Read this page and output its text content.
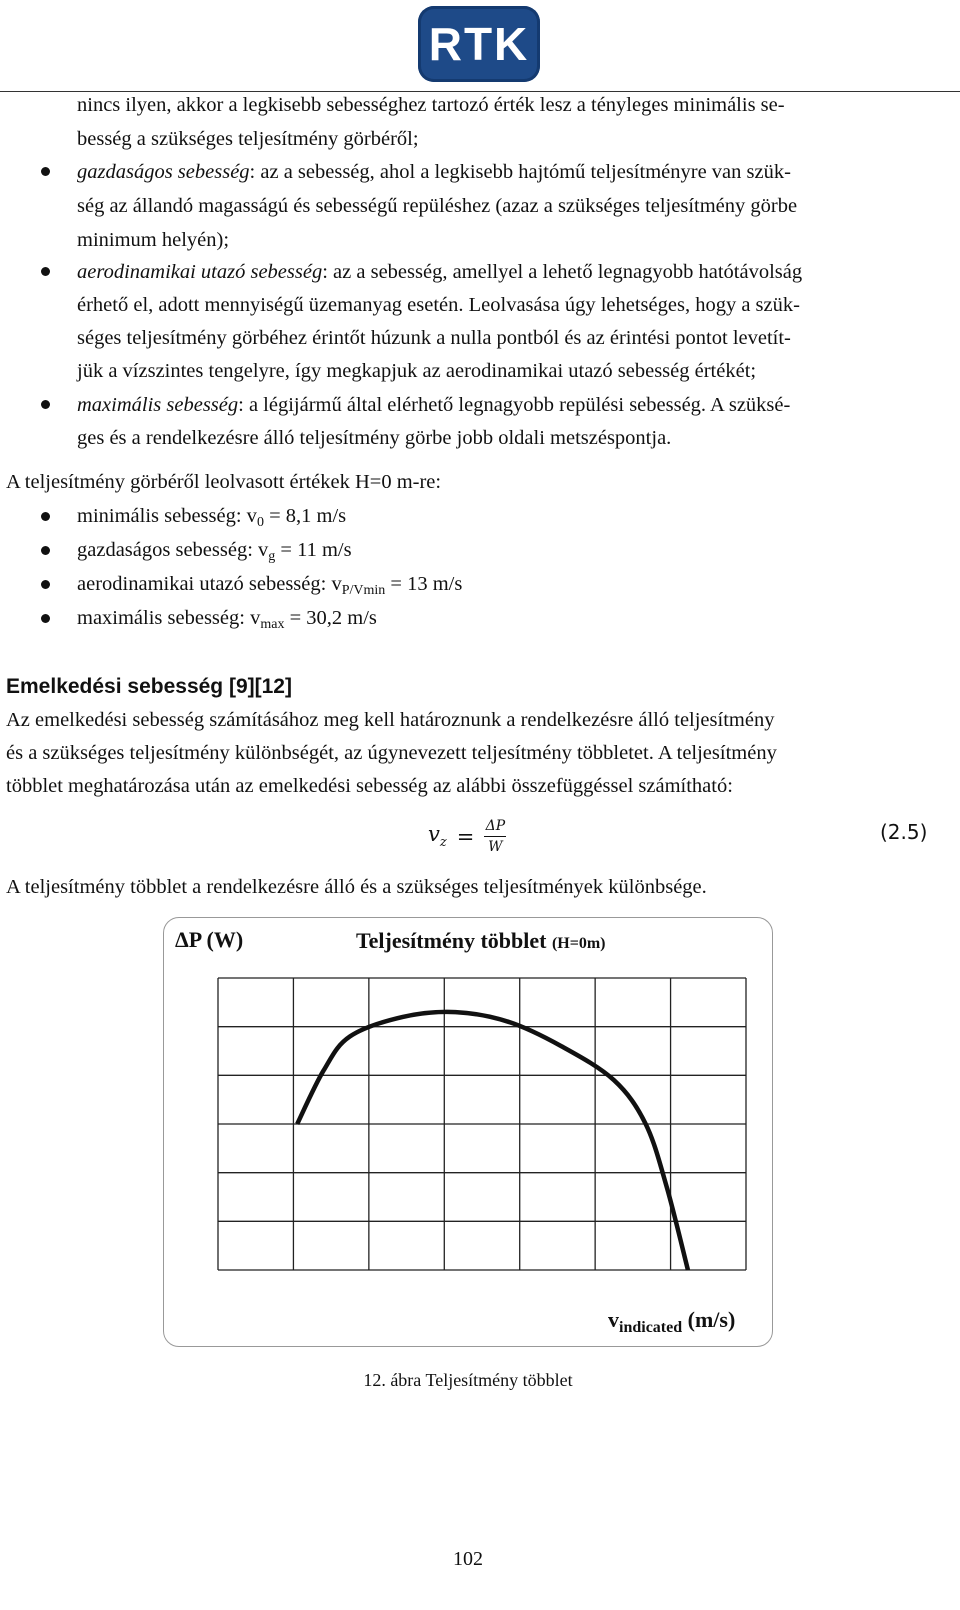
RTK
nincs ilyen, akkor a legkisebb sebességhez tartozó érték lesz a tényleges minimális se-
besség a szükséges teljesítmény görbéről;
gazdaságos sebesség: az a sebesség, ahol a legkisebb hajtómű teljesítményre van szük-
ség az állandó magasságú és sebességű repüléshez (azaz a szükséges teljesítmény görbe
minimum helyén);
aerodinamikai utazó sebesség: az a sebesség, amellyel a lehető legnagyobb hatótávolság
érhető el, adott mennyiségű üzemanyag esetén. Leolvasása úgy lehetséges, hogy a szük-
séges teljesítmény görbéhez érintőt húzunk a nulla pontból és az érintési pontot levetít-
jük a vízszintes tengelyre, így megkapjuk az aerodinamikai utazó sebesség értékét;
maximális sebesség: a légijármű által elérhető legnagyobb repülési sebesség. A szüksé-
ges és a rendelkezésre álló teljesítmény görbe jobb oldali metszéspontja.
A teljesítmény görbéről leolvasott értékek H=0 m-re:
minimális sebesség: $v_0 = 8,1$ m/s
gazdaságos sebesség: $v_g = 11$ m/s
aerodinamikai utazó sebesség: $v_{P/Vmin} = 13$ m/s
maximális sebesség: $v_{max} = 30,2$ m/s
Emelkedési sebesség [9][12]
Az emelkedési sebesség számításához meg kell határoznunk a rendelkezésre álló teljesítmény
és a szükséges teljesítmény különbségét, az úgynevezett teljesítmény többletet. A teljesítmény
többlet meghatározása után az emelkedési sebesség az alábbi összefüggéssel számítható:
$v_z = \frac{\Delta P}{W}$	(2.5)
A teljesítmény többlet a rendelkezésre álló és a szükséges teljesítmények különbsége.
ΔP (W)	Teljesítmény többlet (H=0m)
$v_{indicated}$ (m/s)
12. ábra Teljesítmény többlet
102
